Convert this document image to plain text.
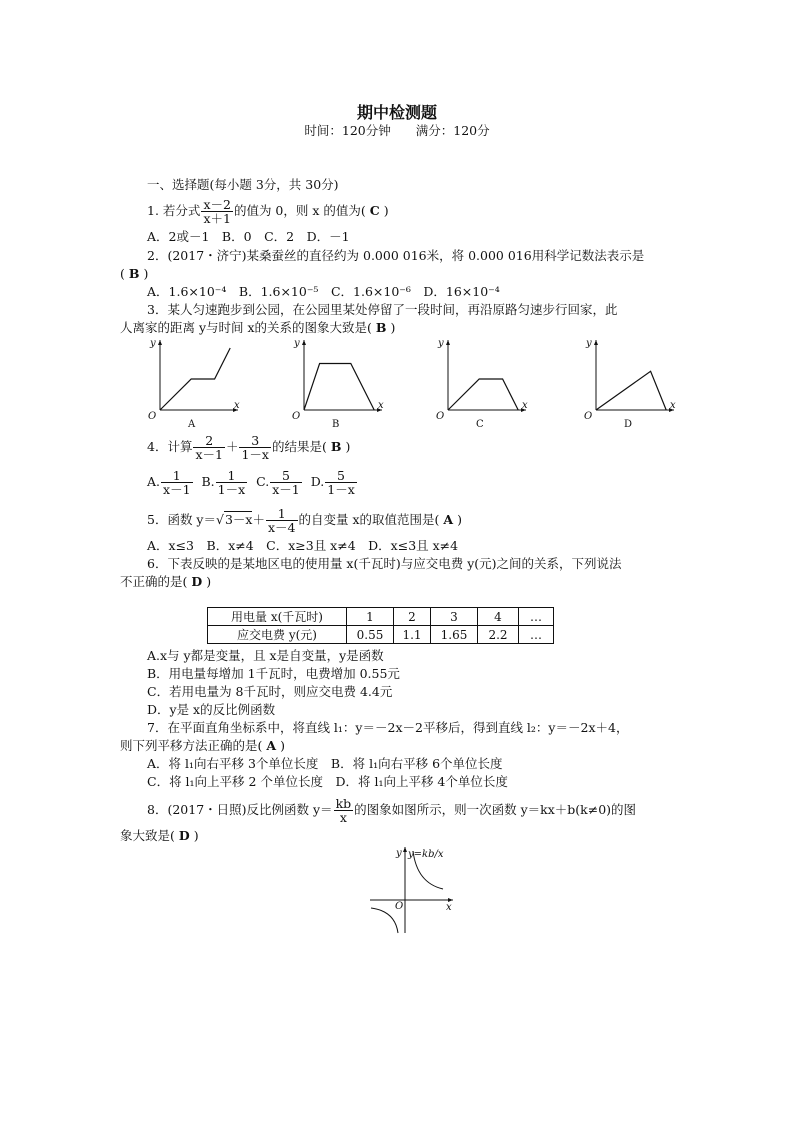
期中检测题
时间：120分钟　　满分：120分
一、选择题(每小题 3分，共 30分)
1. 若分式 $\frac{x-2}{x+1}$ 的值为 0，则 x 的值为( C )
A．2或－1　B．0　C．2　D．－1
2．(2017・济宁)某桑蚕丝的直径约为 0.000 016米，将 0.000 016用科学记数法表示是
( B )
A．1.6×10⁻⁴　B．1.6×10⁻⁵　C．1.6×10⁻⁶　D．16×10⁻⁴
3．某人匀速跑步到公园，在公园里某处停留了一段时间，再沿原路匀速步行回家，此
人离家的距离 y与时间 x的关系的图象大致是( B )
y
O
x
A
y
O
x
B
y
O
x
C
y
O
x
D
4．计算 $\frac{2}{x-1} + \frac{3}{1-x}$ 的结果是( B )
A. $\frac{1}{x-1} B$. $\frac{1}{1-x} C$. $\frac{5}{x-1} D$. $\frac{5}{1-x}$
5．函数 $y=√3-x+ \frac{1}{x-4}$ 的自变量 x的取值范围是( A )
A．x≤3　B．x≠4　C．x≥3且 x≠4　D．x≤3且 x≠4
6．下表反映的是某地区电的使用量 x(千瓦时)与应交电费 y(元)之间的关系，下列说法
不正确的是( D )
用电量 x(千瓦时)	1	2	3	4	…
应交电费 y(元)	0.55	1.1	1.65	2.2	…
A.x与 y都是变量，且 x是自变量，y是函数
B．用电量每增加 1千瓦时，电费增加 0.55元
C．若用电量为 8千瓦时，则应交电费 4.4元
D．y是 x的反比例函数
7．在平面直角坐标系中，将直线 l₁：y＝－2x－2平移后，得到直线 l₂：y＝－2x＋4，
则下列平移方法正确的是( A )
A．将 l₁向右平移 3个单位长度　B．将 l₁向右平移 6个单位长度
C．将 l₁向上平移 2 个单位长度　D．将 l₁向上平移 4个单位长度
8．(2017・日照)反比例函数 $y= \frac{kb}{x}$ 的图象如图所示，则一次函数 y＝kx＋b(k≠0)的图
象大致是( D )
y
O	x
y=kb/x
